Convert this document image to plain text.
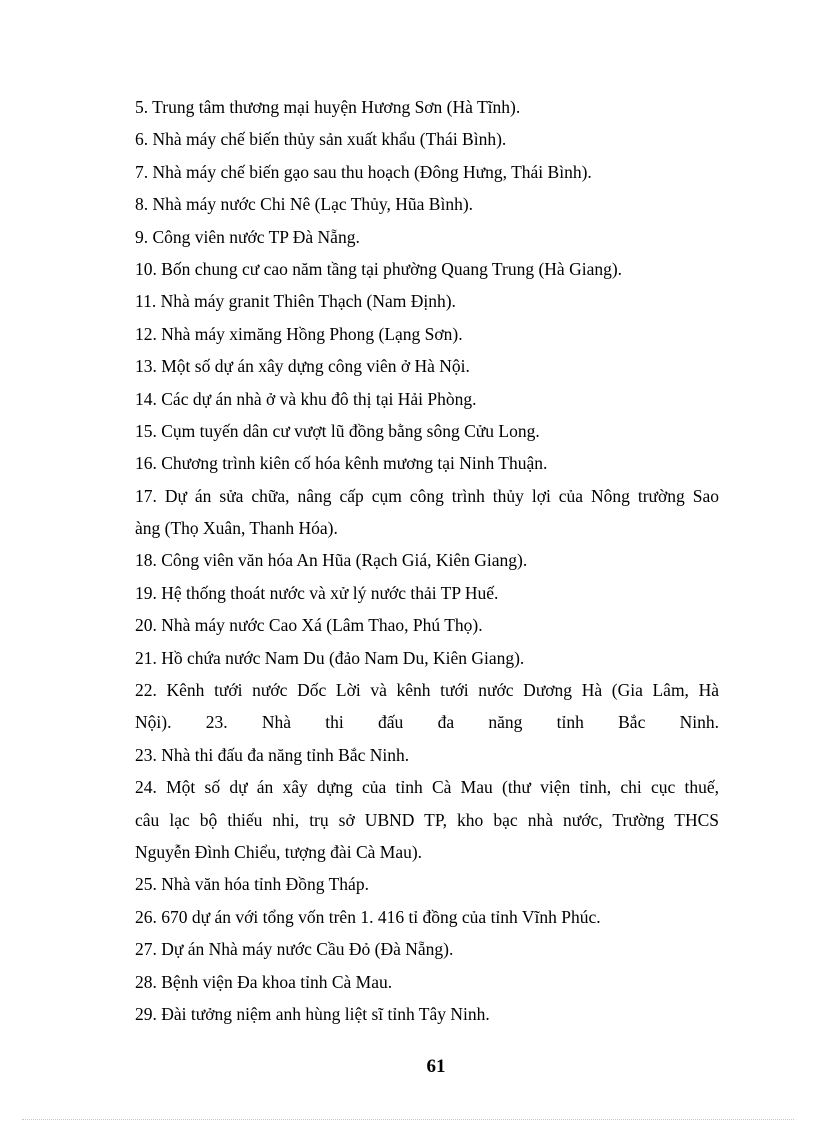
5. Trung tâm thương mại huyện Hương Sơn (Hà Tĩnh).
6. Nhà máy chế biến thủy sản xuất khẩu (Thái Bình).
7. Nhà máy chế biến gạo sau thu hoạch (Đông Hưng, Thái Bình).
8. Nhà máy nước Chi Nê (Lạc Thủy, Hũa Bình).
9. Công viên nước TP Đà Nẵng.
10. Bốn chung cư cao năm tầng tại phường Quang Trung (Hà Giang).
11. Nhà máy granit Thiên Thạch (Nam Định).
12. Nhà máy ximăng Hồng Phong (Lạng Sơn).
13. Một số dự án xây dựng công viên ở Hà Nội.
14. Các dự án nhà ở và khu đô thị tại Hải Phòng.
15. Cụm tuyến dân cư vượt lũ đồng bằng sông Cửu Long.
16. Chương trình kiên cố hóa kênh mương tại Ninh Thuận.
17. Dự án sửa chữa, nâng cấp cụm công trình thủy lợi của Nông trường Sao
àng (Thọ Xuân, Thanh Hóa).
18. Công viên văn hóa An Hũa (Rạch Giá, Kiên Giang).
19. Hệ thống thoát nước và xử lý nước thải TP Huế.
20. Nhà máy nước Cao Xá (Lâm Thao, Phú Thọ).
21. Hồ chứa nước Nam Du (đảo Nam Du, Kiên Giang).
22. Kênh tưới nước Dốc Lời và kênh tưới nước Dương Hà (Gia Lâm, Hà
Nội). 23. Nhà thi đấu đa năng tỉnh Bắc Ninh.
23. Nhà thi đấu đa năng tỉnh Bắc Ninh.
24. Một số dự án xây dựng của tỉnh Cà Mau (thư viện tỉnh, chi cục thuế,
câu lạc bộ thiếu nhi, trụ sở UBND TP, kho bạc nhà nước, Trường THCS
Nguyễn Đình Chiểu, tượng đài Cà Mau).
25. Nhà văn hóa tỉnh Đồng Tháp.
26. 670 dự án với tổng vốn trên 1. 416 tỉ đồng của tỉnh Vĩnh Phúc.
27. Dự án Nhà máy nước Cầu Đỏ (Đà Nẵng).
28. Bệnh viện Đa khoa tỉnh Cà Mau.
29. Đài tưởng niệm anh hùng liệt sĩ tỉnh Tây Ninh.
61
